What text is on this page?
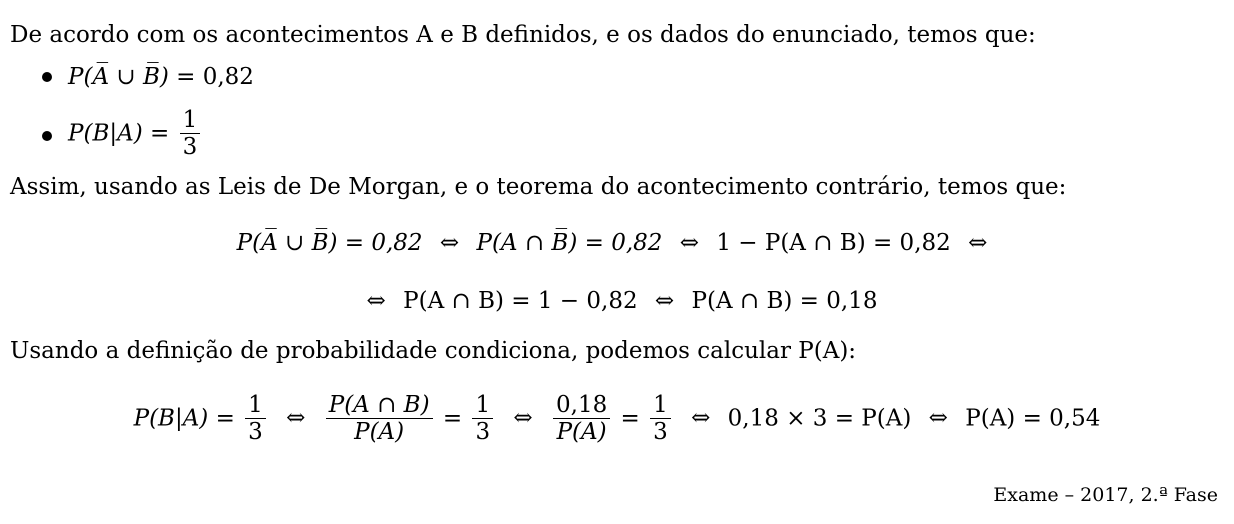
De acordo com os acontecimentos A e B definidos, e os dados do enunciado, temos que:
P(A̅ ∪ B̅) = 0,82
$P(B|A) = \frac{1}{3}$
Assim, usando as Leis de De Morgan, e o teorema do acontecimento contrário, temos que:
P(A̅ ∪ B̅) = 0,82 ⇔ P(A ∩ B̅) = 0,82 ⇔ 1 − P(A ∩ B) = 0,82 ⇔
⇔ P(A ∩ B) = 1 − 0,82 ⇔ P(A ∩ B) = 0,18
Usando a definição de probabilidade condiciona, podemos calcular P(A):
$P(B|A) = \frac{1}{3}$ ⇔ $\frac{P(A \cap B)}{P(A)} = \frac{1}{3}$ ⇔ $\frac{0,18}{P(A)} = \frac{1}{3}$ ⇔ 0,18 × 3 = P(A) ⇔ P(A) = 0,54
Exame – 2017, 2.ª Fase
